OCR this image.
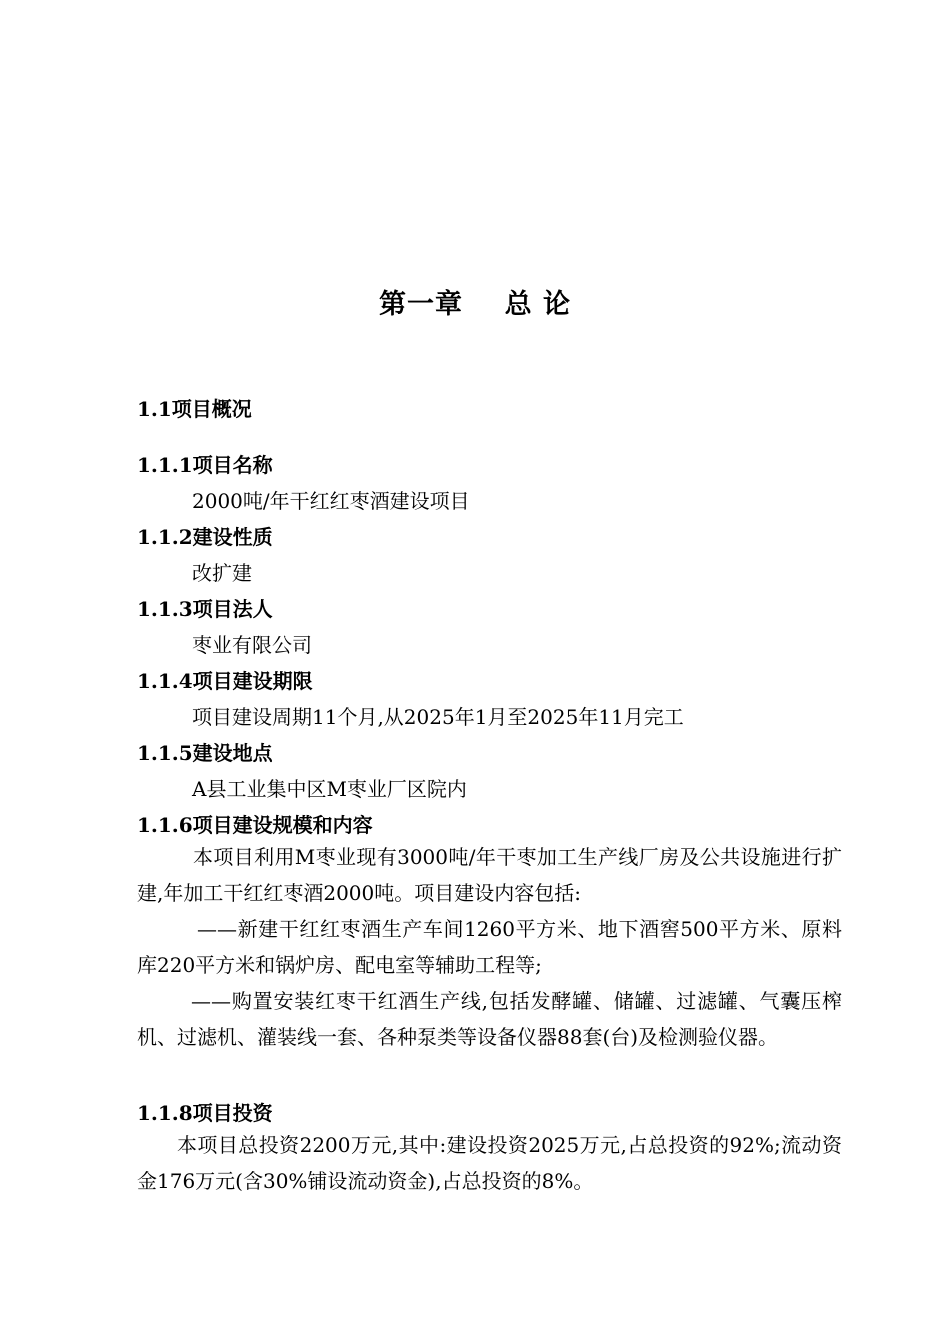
第一章    总 论
1.1项目概况
1.1.1项目名称
2000吨/年干红红枣酒建设项目
1.1.2建设性质
改扩建
1.1.3项目法人
枣业有限公司
1.1.4项目建设期限
项目建设周期11个月,从2025年1月至2025年11月完工
1.1.5建设地点
A县工业集中区M枣业厂区院内
1.1.6项目建设规模和内容
本项目利用M枣业现有3000吨/年干枣加工生产线厂房及公共设施进行扩建,年加工干红红枣酒2000吨。项目建设内容包括:
——新建干红红枣酒生产车间1260平方米、地下酒窖500平方米、原料库220平方米和锅炉房、配电室等辅助工程等;
——购置安装红枣干红酒生产线,包括发酵罐、储罐、过滤罐、气囊压榨机、过滤机、灌装线一套、各种泵类等设备仪器88套(台)及检测验仪器。
1.1.8项目投资
本项目总投资2200万元,其中:建设投资2025万元,占总投资的92%;流动资金176万元(含30%铺设流动资金),占总投资的8%。
